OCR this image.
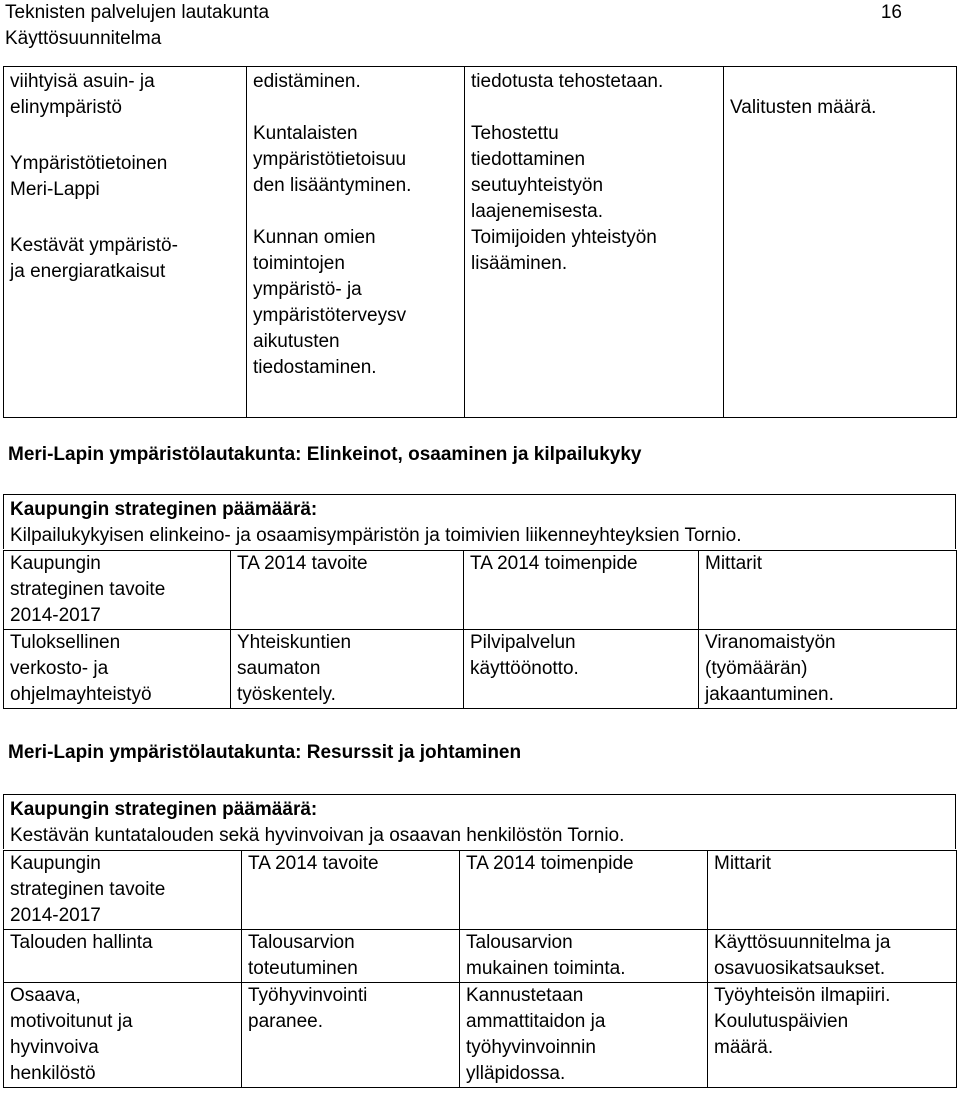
Teknisten palvelujen lautakunta
Käyttösuunnitelma
16
viihtyisä asuin- ja
elinympäristö
Ympäristötietoinen
Meri-Lappi
Kestävät ympäristö-
ja energiaratkaisut

edistäminen.
Kuntalaisten
ympäristötietoisuu
den lisääntyminen.
Kunnan omien
toimintojen
ympäristö- ja
ympäristöterveysv
aikutusten
tiedostaminen.

tiedotusta tehostetaan.
Tehostettu
tiedottaminen
seutuyhteistyön
laajenemisesta.
Toimijoiden yhteistyön
lisääminen.

Valitusten määrä.
Meri-Lapin ympäristölautakunta: Elinkeinot, osaaminen ja kilpailukyky
Kaupungin strateginen päämäärä:
Kilpailukykyisen elinkeino- ja osaamisympäristön ja toimivien liikenneyhteyksien Tornio.
Kaupungin
strateginen tavoite
2014-2017	TA 2014 tavoite	TA 2014 toimenpide	Mittarit

Tuloksellinen
verkosto- ja
ohjelmayhteistyö	Yhteiskuntien
saumaton
työskentely.	Pilvipalvelun
käyttöönotto.	Viranomaistyön
(työmäärän)
jakaantuminen.
Meri-Lapin ympäristölautakunta: Resurssit ja johtaminen
Kaupungin strateginen päämäärä:
Kestävän kuntatalouden sekä hyvinvoivan ja osaavan henkilöstön Tornio.
Kaupungin
strateginen tavoite
2014-2017	TA 2014 tavoite	TA 2014 toimenpide	Mittarit

Talouden hallinta	Talousarvion
toteutuminen	Talousarvion
mukainen toiminta.	Käyttösuunnitelma ja
osavuosikatsaukset.

Osaava,
motivoitunut ja
hyvinvoiva
henkilöstö	Työhyvinvointi
paranee.	Kannustetaan
ammattitaidon ja
työhyvinvoinnin
ylläpidossa.	Työyhteisön ilmapiiri.
Koulutuspäivien
määrä.
